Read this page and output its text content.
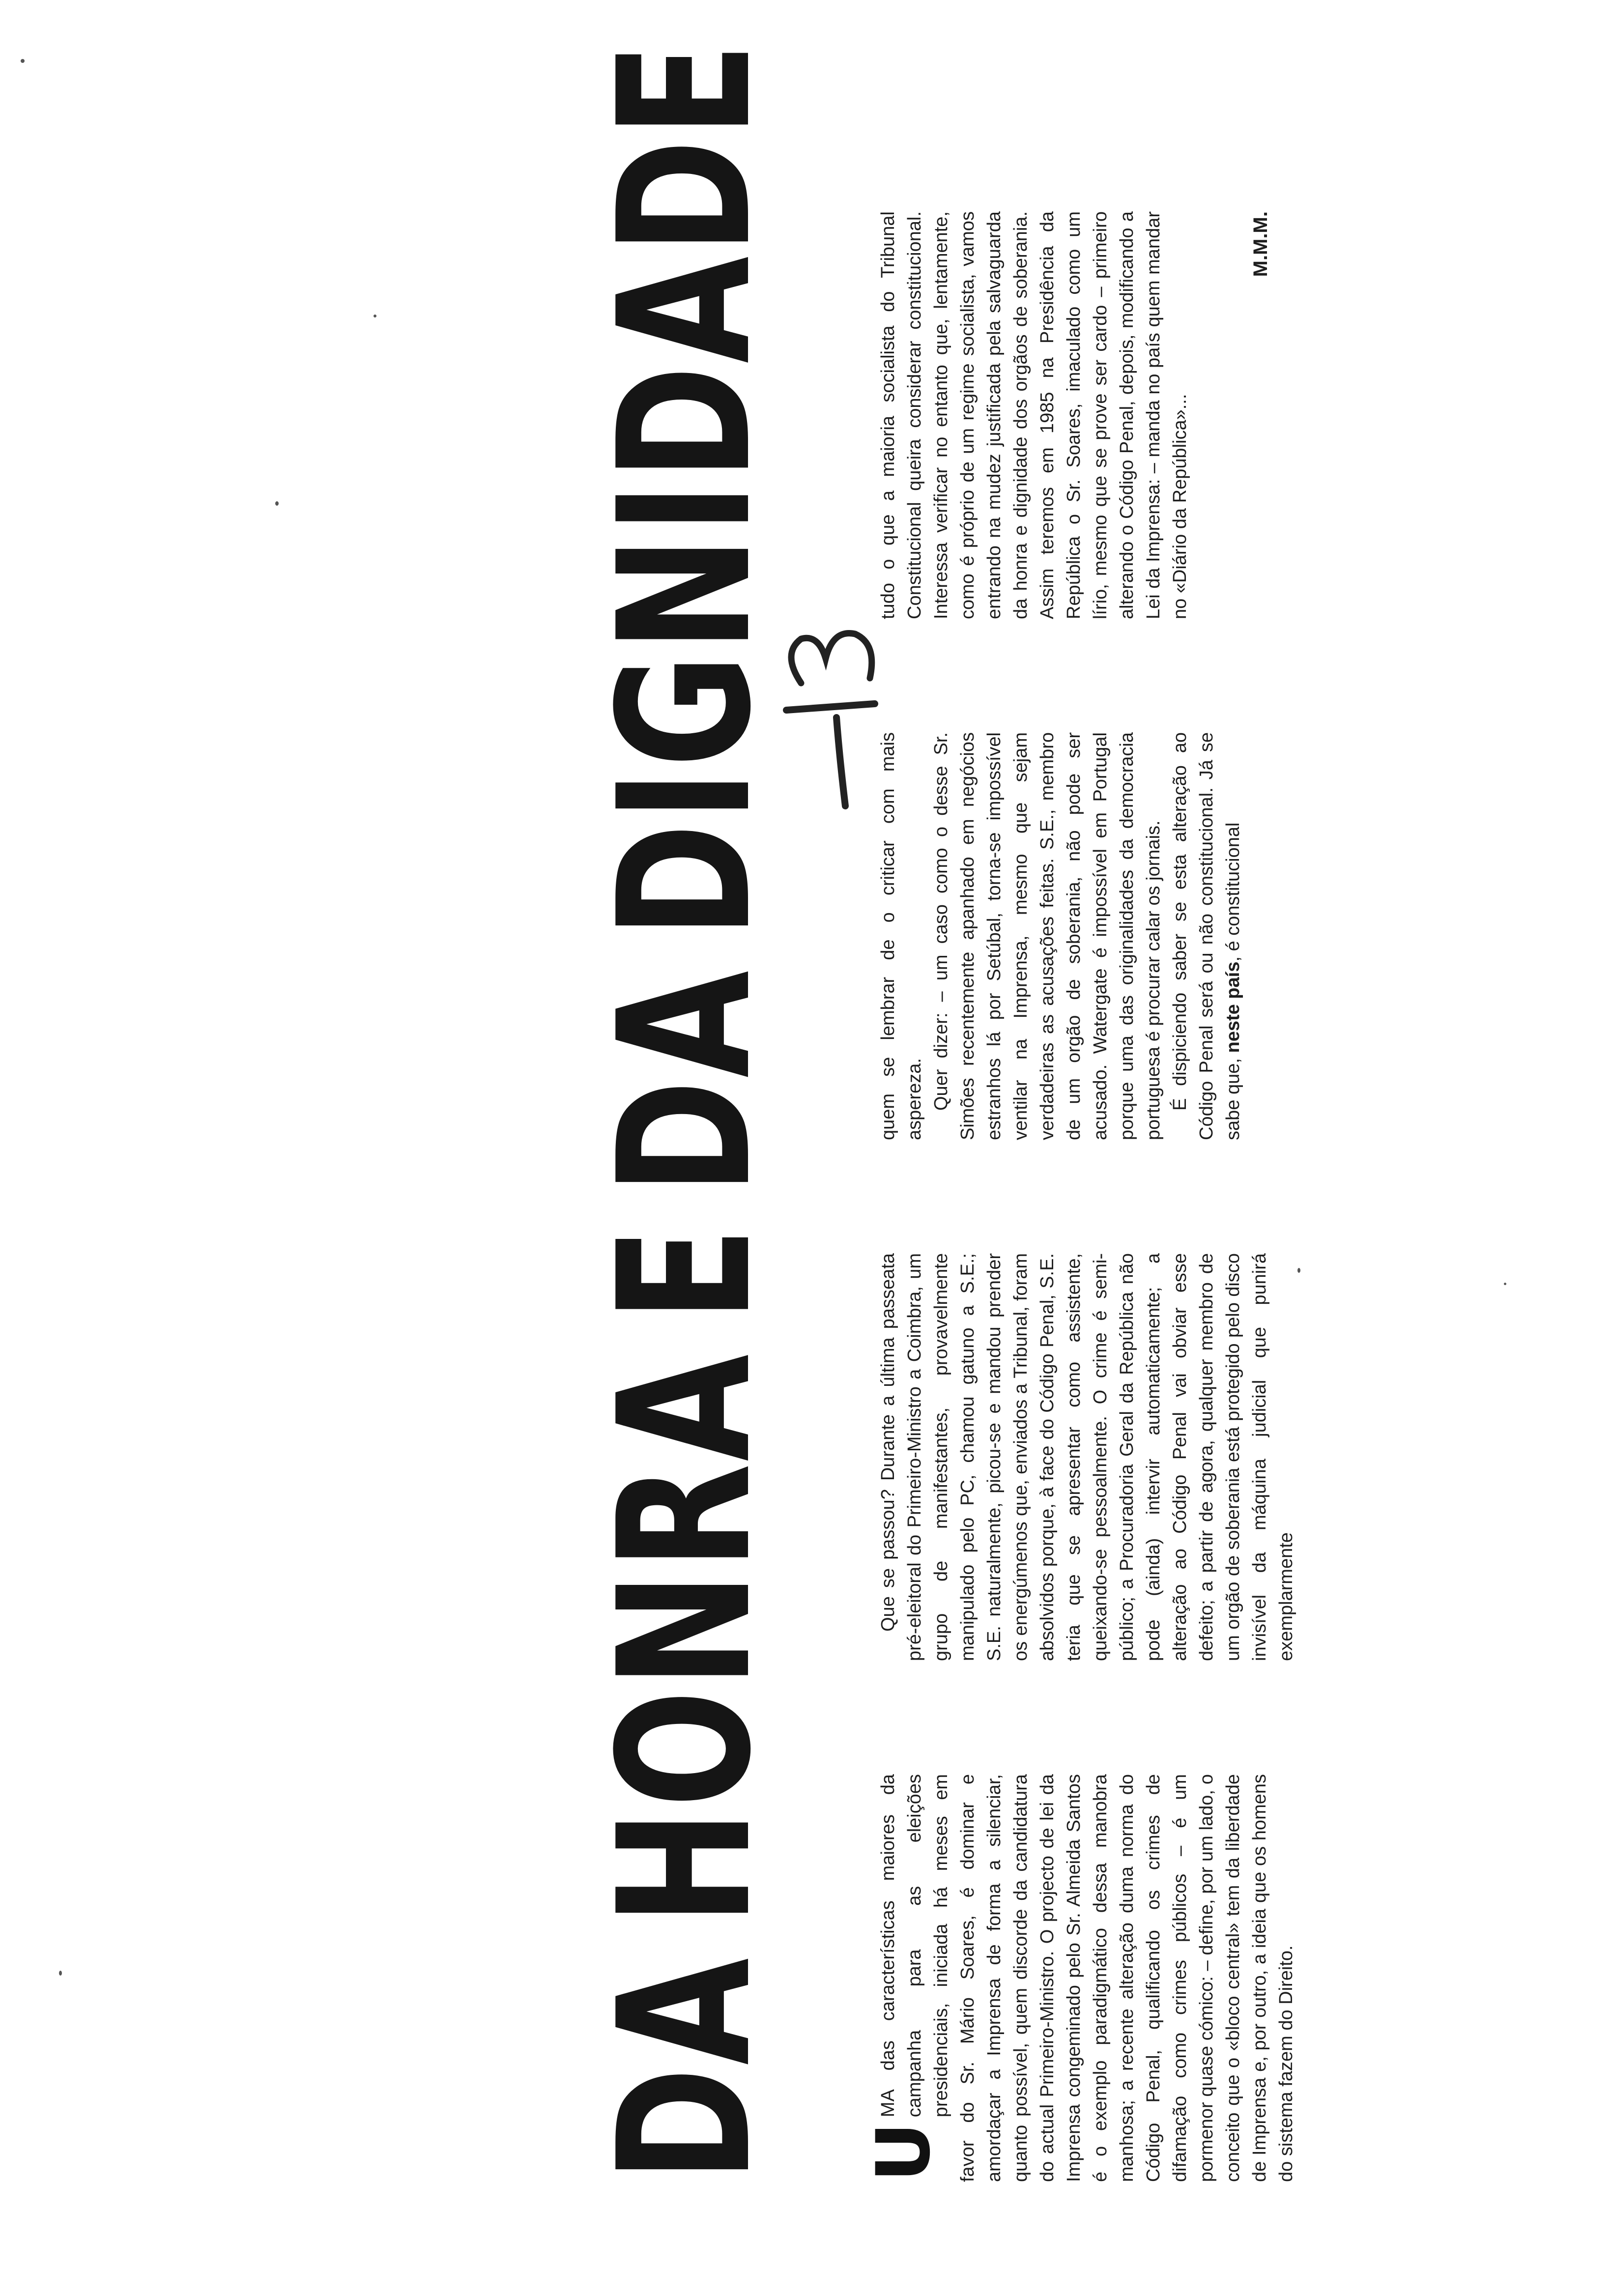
DAHONRAEDADIGNIDADE

U
MA das características maiores da campanha para as eleições presidenciais, iniciada há meses em favor do Sr. Mário Soares, é dominar e amordaçar a Imprensa de forma a silenciar, quanto possível, quem discorde da candidatura do actual Primeiro-Ministro. O projecto de lei da Imprensa congeminado pelo Sr. Almeida Santos é o exemplo paradigmático dessa manobra manhosa; a recente alteração duma norma do Código Penal, qualificando os crimes de difamação como crimes públicos – é um pormenor quase cómico: – define, por um lado, o conceito que o «bloco central» tem da liberdade de Imprensa e, por outro, a ideia que os homens do sistema fazem do Direito.

Que se passou? Durante a última passeata pré-eleitoral do Primeiro-Ministro a Coimbra, um grupo de manifestantes, provavelmente manipulado pelo PC, chamou gatuno a S.E.; S.E. naturalmente, picou-se e mandou prender os energúmenos que, enviados a Tribunal, foram absolvidos porque, à face do Código Penal, S.E. teria que se apresentar como assistente, queixando-se pessoalmente. O crime é semi-público; a Procuradoria Geral da República não pode (ainda) intervir automaticamente; a alteração ao Código Penal vai obviar esse defeito; a partir de agora, qualquer membro de um orgão de soberania está protegido pelo disco invisível da máquina judicial que punirá exemplarmente

quem se lembrar de o criticar com mais aspereza. Quer dizer: – um caso como o desse Sr. Simões recentemente apanhado em negócios estranhos lá por Setúbal, torna-se impossível ventilar na Imprensa, mesmo que sejam verdadeiras as acusações feitas. S.E., membro de um orgão de soberania, não pode ser acusado. Watergate é impossível em Portugal porque uma das originalidades da democracia portuguesa é procurar calar os jornais. É dispiciendo saber se esta alteração ao Código Penal será ou não constitucional. Já se sabe que, neste país, é constitucional

tudo o que a maioria socialista do Tribunal Constitucional queira considerar constitucional. Interessa verificar no entanto que, lentamente, como é próprio de um regime socialista, vamos entrando na mudez justificada pela salvaguarda da honra e dignidade dos orgãos de soberania. Assim teremos em 1985 na Presidência da República o Sr. Soares, imaculado como um lírio, mesmo que se prove ser cardo – primeiro alterando o Código Penal, depois, modificando a Lei da Imprensa: – manda no país quem mandar no «Diário da República»...

M.M.M.
